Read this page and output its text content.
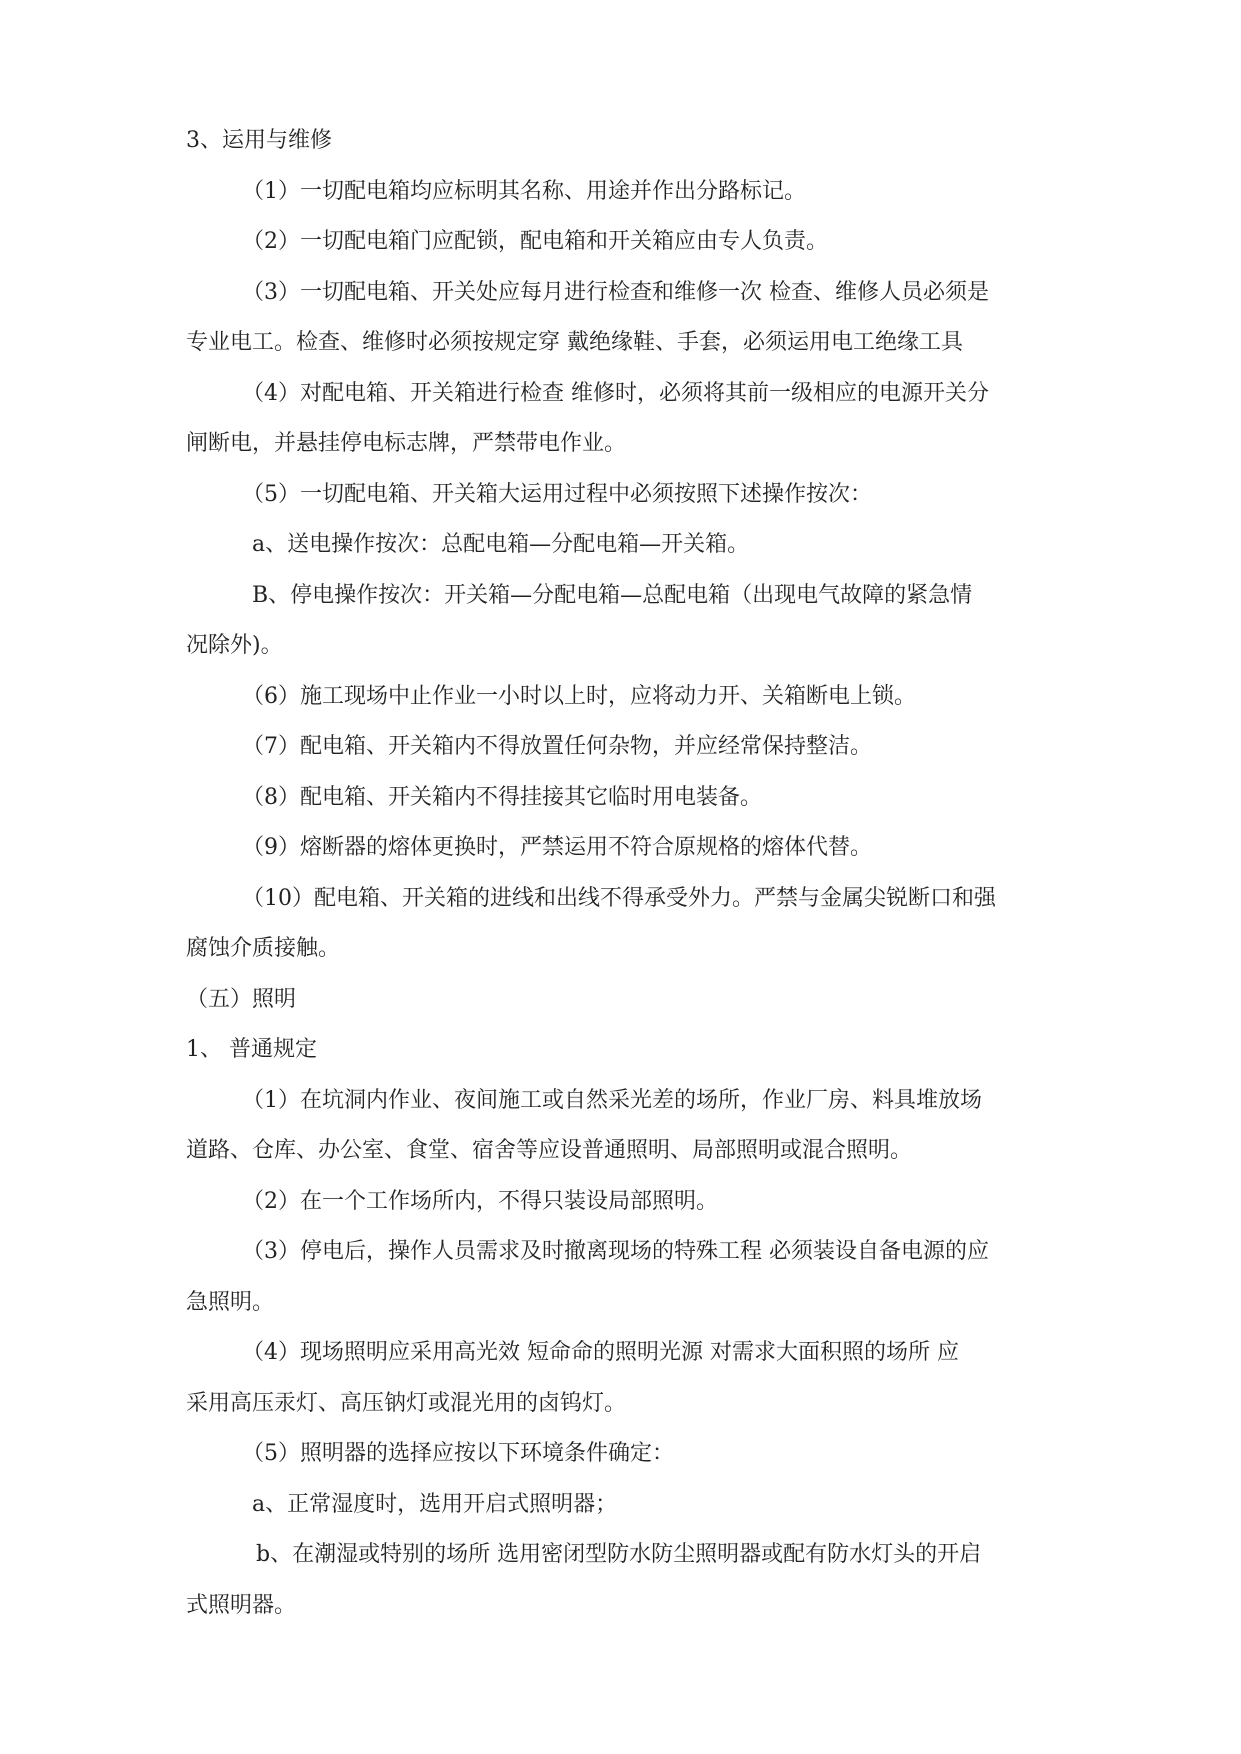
3、运用与维修
（1）一切配电箱均应标明其名称、用途并作出分路标记。
（2）一切配电箱门应配锁，配电箱和开关箱应由专人负责。
（3）一切配电箱、开关处应每月进行检查和维修一次 检查、维修人员必须是
专业电工。检查、维修时必须按规定穿 戴绝缘鞋、手套，必须运用电工绝缘工具
（4）对配电箱、开关箱进行检查 维修时，必须将其前一级相应的电源开关分
闸断电，并悬挂停电标志牌，严禁带电作业。
（5）一切配电箱、开关箱大运用过程中必须按照下述操作按次：
a、送电操作按次：总配电箱—分配电箱—开关箱。
B、停电操作按次：开关箱—分配电箱—总配电箱（出现电气故障的紧急情
况除外)。
（6）施工现场中止作业一小时以上时，应将动力开、关箱断电上锁。
（7）配电箱、开关箱内不得放置任何杂物，并应经常保持整洁。
（8）配电箱、开关箱内不得挂接其它临时用电装备。
（9）熔断器的熔体更换时，严禁运用不符合原规格的熔体代替。
（10）配电箱、开关箱的进线和出线不得承受外力。严禁与金属尖锐断口和强
腐蚀介质接触。
（五）照明
1、 普通规定
（1）在坑洞内作业、夜间施工或自然采光差的场所，作业厂房、料具堆放场
道路、仓库、办公室、食堂、宿舍等应设普通照明、局部照明或混合照明。
（2）在一个工作场所内，不得只装设局部照明。
（3）停电后，操作人员需求及时撤离现场的特殊工程 必须装设自备电源的应
急照明。
（4）现场照明应采用高光效 短命命的照明光源 对需求大面积照的场所 应
采用高压汞灯、高压钠灯或混光用的卤钨灯。
（5）照明器的选择应按以下环境条件确定：
a、正常湿度时，选用开启式照明器；
b、在潮湿或特别的场所 选用密闭型防水防尘照明器或配有防水灯头的开启
式照明器。
